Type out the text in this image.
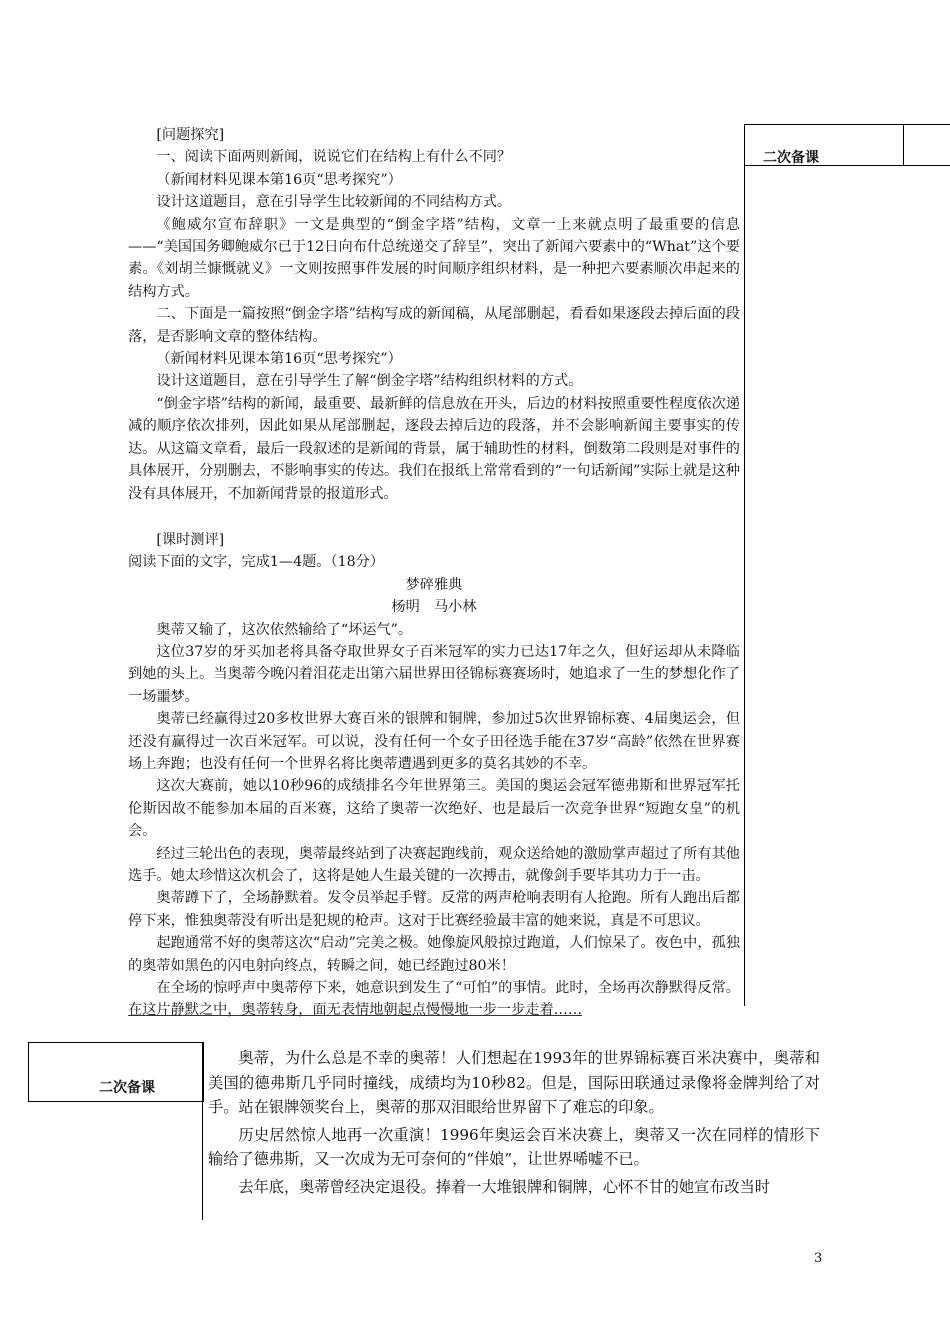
[问题探究]

一、阅读下面两则新闻，说说它们在结构上有什么不同？

（新闻材料见课本第16页“思考探究”）

设计这道题目，意在引导学生比较新闻的不同结构方式。

《鲍威尔宣布辞职》一文是典型的“倒金字塔”结构，文章一上来就点明了最重要的信息——“美国国务卿鲍威尔已于12日向布什总统递交了辞呈”，突出了新闻六要素中的“What”这个要素。《刘胡兰慷慨就义》一文则按照事件发展的时间顺序组织材料，是一种把六要素顺次串起来的结构方式。

二、下面是一篇按照“倒金字塔”结构写成的新闻稿，从尾部删起，看看如果逐段去掉后面的段落，是否影响文章的整体结构。

（新闻材料见课本第16页“思考探究”）

设计这道题目，意在引导学生了解“倒金字塔”结构组织材料的方式。

“倒金字塔”结构的新闻，最重要、最新鲜的信息放在开头，后边的材料按照重要性程度依次递减的顺序依次排列，因此如果从尾部删起，逐段去掉后边的段落，并不会影响新闻主要事实的传达。从这篇文章看，最后一段叙述的是新闻的背景，属于辅助性的材料，倒数第二段则是对事件的具体展开，分别删去，不影响事实的传达。我们在报纸上常常看到的“一句话新闻”实际上就是这种没有具体展开，不加新闻背景的报道形式。

[课时测评]

阅读下面的文字，完成1—4题。（18分）

梦碎雅典

杨明　马小林

奥蒂又输了，这次依然输给了“坏运气”。

这位37岁的牙买加老将具备夺取世界女子百米冠军的实力已达17年之久，但好运却从未降临到她的头上。当奥蒂今晚闪着泪花走出第六届世界田径锦标赛赛场时，她追求了一生的梦想化作了一场噩梦。

奥蒂已经赢得过20多枚世界大赛百米的银牌和铜牌，参加过5次世界锦标赛、4届奥运会，但还没有赢得过一次百米冠军。可以说，没有任何一个女子田径选手能在37岁“高龄”依然在世界赛场上奔跑；也没有任何一个世界名将比奥蒂遭遇到更多的莫名其妙的不幸。

这次大赛前，她以10秒96的成绩排名今年世界第三。美国的奥运会冠军德弗斯和世界冠军托伦斯因故不能参加本届的百米赛，这给了奥蒂一次绝好、也是最后一次竞争世界“短跑女皇”的机会。

经过三轮出色的表现，奥蒂最终站到了决赛起跑线前，观众送给她的激励掌声超过了所有其他选手。她太珍惜这次机会了，这将是她人生最关键的一次搏击，就像剑手要毕其功力于一击。

奥蒂蹲下了，全场静默着。发令员举起手臂。反常的两声枪响表明有人抢跑。所有人跑出后都停下来，惟独奥蒂没有听出是犯规的枪声。这对于比赛经验最丰富的她来说，真是不可思议。

起跑通常不好的奥蒂这次“启动”完美之极。她像旋风般掠过跑道，人们惊呆了。夜色中，孤独的奥蒂如黑色的闪电射向终点，转瞬之间，她已经跑过80米！

在全场的惊呼声中奥蒂停下来，她意识到发生了“可怕”的事情。此时，全场再次静默得反常。在这片静默之中，奥蒂转身，面无表情地朝起点慢慢地一步一步走着……

二次备课
二次备课

奥蒂，为什么总是不幸的奥蒂！人们想起在1993年的世界锦标赛百米决赛中，奥蒂和美国的德弗斯几乎同时撞线，成绩均为10秒82。但是，国际田联通过录像将金牌判给了对手。站在银牌领奖台上，奥蒂的那双泪眼给世界留下了难忘的印象。

历史居然惊人地再一次重演！1996年奥运会百米决赛上，奥蒂又一次在同样的情形下输给了德弗斯，又一次成为无可奈何的“伴娘”，让世界唏嘘不已。

去年底，奥蒂曾经决定退役。捧着一大堆银牌和铜牌，心怀不甘的她宣布改当时

3
